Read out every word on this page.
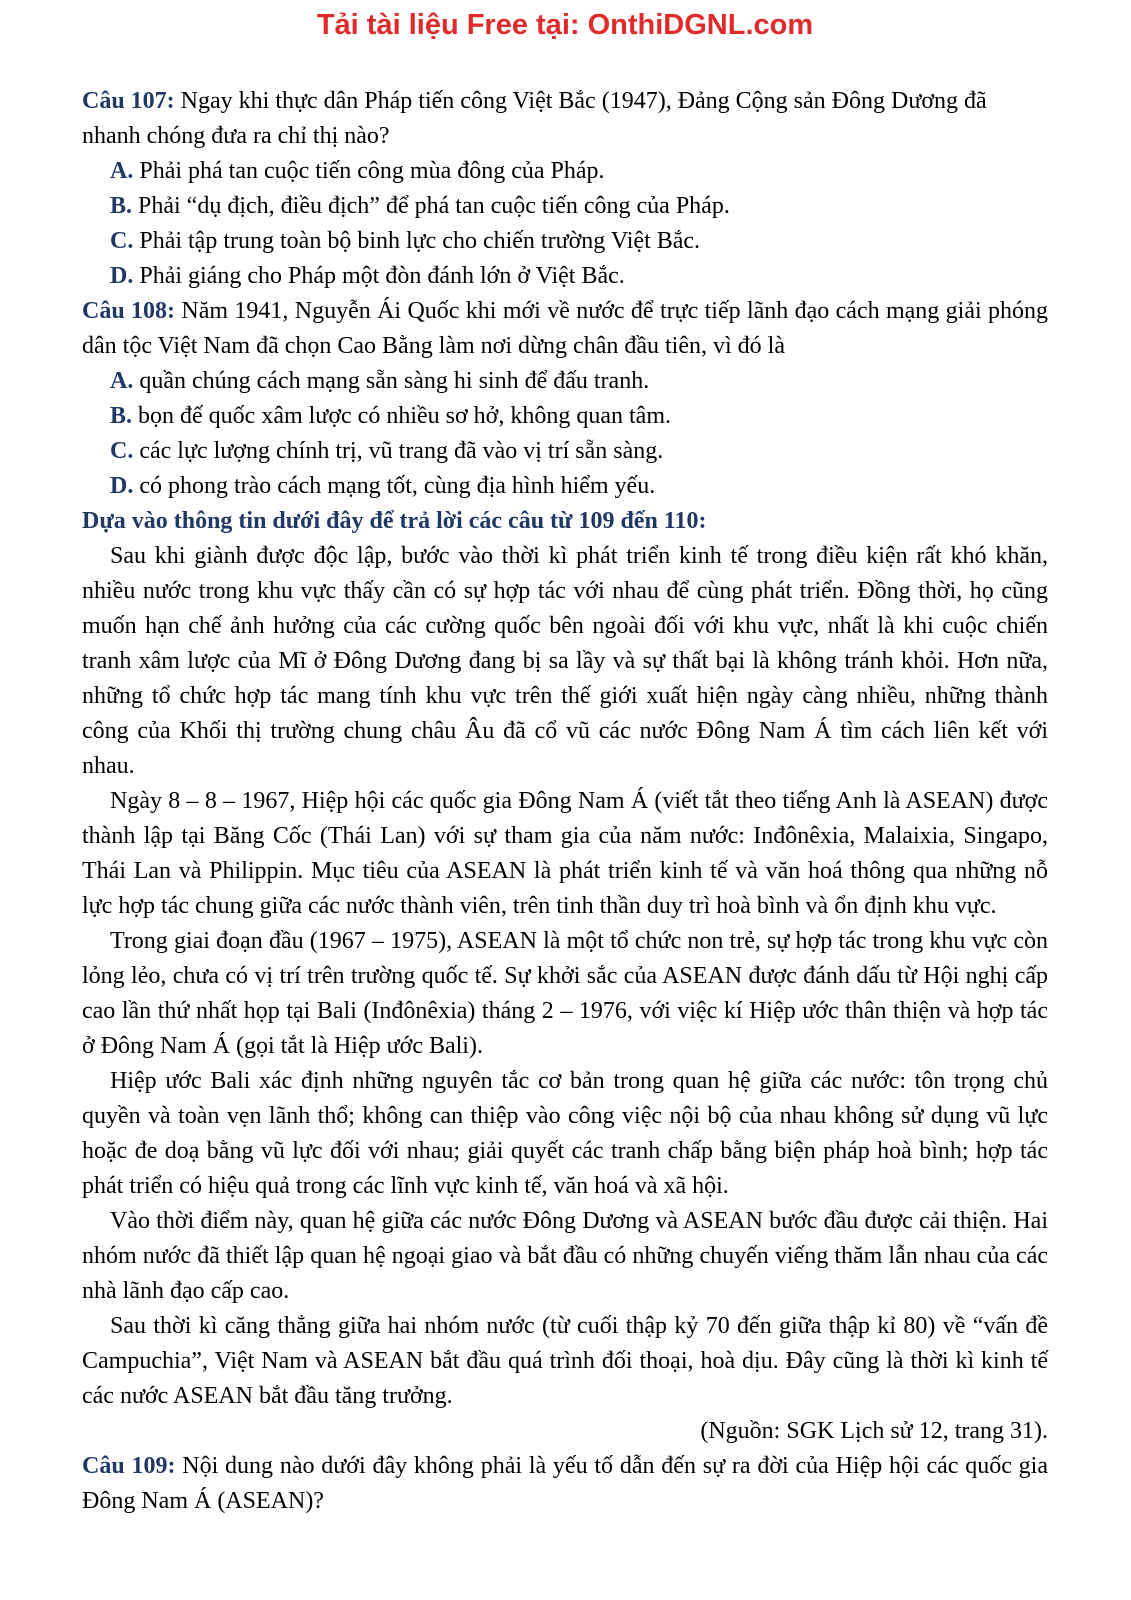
Tải tài liệu Free tại: OnthiDGNL.com

Câu 107: Ngay khi thực dân Pháp tiến công Việt Bắc (1947), Đảng Cộng sản Đông Dương đã nhanh chóng đưa ra chỉ thị nào?

A. Phải phá tan cuộc tiến công mùa đông của Pháp.

B. Phải “dụ địch, điều địch” để phá tan cuộc tiến công của Pháp.

C. Phải tập trung toàn bộ binh lực cho chiến trường Việt Bắc.

D. Phải giáng cho Pháp một đòn đánh lớn ở Việt Bắc.

Câu 108: Năm 1941, Nguyễn Ái Quốc khi mới về nước để trực tiếp lãnh đạo cách mạng giải phóng dân tộc Việt Nam đã chọn Cao Bằng làm nơi dừng chân đầu tiên, vì đó là

A. quần chúng cách mạng sẵn sàng hi sinh để đấu tranh.

B. bọn đế quốc xâm lược có nhiều sơ hở, không quan tâm.

C. các lực lượng chính trị, vũ trang đã vào vị trí sẵn sàng.

D. có phong trào cách mạng tốt, cùng địa hình hiểm yếu.

Dựa vào thông tin dưới đây để trả lời các câu từ 109 đến 110:

Sau khi giành được độc lập, bước vào thời kì phát triển kinh tế trong điều kiện rất khó khăn, nhiều nước trong khu vực thấy cần có sự hợp tác với nhau để cùng phát triển. Đồng thời, họ cũng muốn hạn chế ảnh hưởng của các cường quốc bên ngoài đối với khu vực, nhất là khi cuộc chiến tranh xâm lược của Mĩ ở Đông Dương đang bị sa lầy và sự thất bại là không tránh khỏi. Hơn nữa, những tổ chức hợp tác mang tính khu vực trên thế giới xuất hiện ngày càng nhiều, những thành công của Khối thị trường chung châu Âu đã cổ vũ các nước Đông Nam Á tìm cách liên kết với nhau.

Ngày 8 – 8 – 1967, Hiệp hội các quốc gia Đông Nam Á (viết tắt theo tiếng Anh là ASEAN) được thành lập tại Băng Cốc (Thái Lan) với sự tham gia của năm nước: Inđônêxia, Malaixia, Singapo, Thái Lan và Philippin. Mục tiêu của ASEAN là phát triển kinh tế và văn hoá thông qua những nỗ lực hợp tác chung giữa các nước thành viên, trên tinh thần duy trì hoà bình và ổn định khu vực.

Trong giai đoạn đầu (1967 – 1975), ASEAN là một tổ chức non trẻ, sự hợp tác trong khu vực còn lỏng lẻo, chưa có vị trí trên trường quốc tế. Sự khởi sắc của ASEAN được đánh dấu từ Hội nghị cấp cao lần thứ nhất họp tại Bali (Inđônêxia) tháng 2 – 1976, với việc kí Hiệp ước thân thiện và hợp tác ở Đông Nam Á (gọi tắt là Hiệp ước Bali).

Hiệp ước Bali xác định những nguyên tắc cơ bản trong quan hệ giữa các nước: tôn trọng chủ quyền và toàn vẹn lãnh thổ; không can thiệp vào công việc nội bộ của nhau không sử dụng vũ lực hoặc đe doạ bằng vũ lực đối với nhau; giải quyết các tranh chấp bằng biện pháp hoà bình; hợp tác phát triển có hiệu quả trong các lĩnh vực kinh tế, văn hoá và xã hội.

Vào thời điểm này, quan hệ giữa các nước Đông Dương và ASEAN bước đầu được cải thiện. Hai nhóm nước đã thiết lập quan hệ ngoại giao và bắt đầu có những chuyến viếng thăm lẫn nhau của các nhà lãnh đạo cấp cao.

Sau thời kì căng thẳng giữa hai nhóm nước (từ cuối thập kỷ 70 đến giữa thập kỉ 80) về “vấn đề Campuchia”, Việt Nam và ASEAN bắt đầu quá trình đối thoại, hoà dịu. Đây cũng là thời kì kinh tế các nước ASEAN bắt đầu tăng trưởng.

(Nguồn: SGK Lịch sử 12, trang 31).

Câu 109: Nội dung nào dưới đây không phải là yếu tố dẫn đến sự ra đời của Hiệp hội các quốc gia Đông Nam Á (ASEAN)?
